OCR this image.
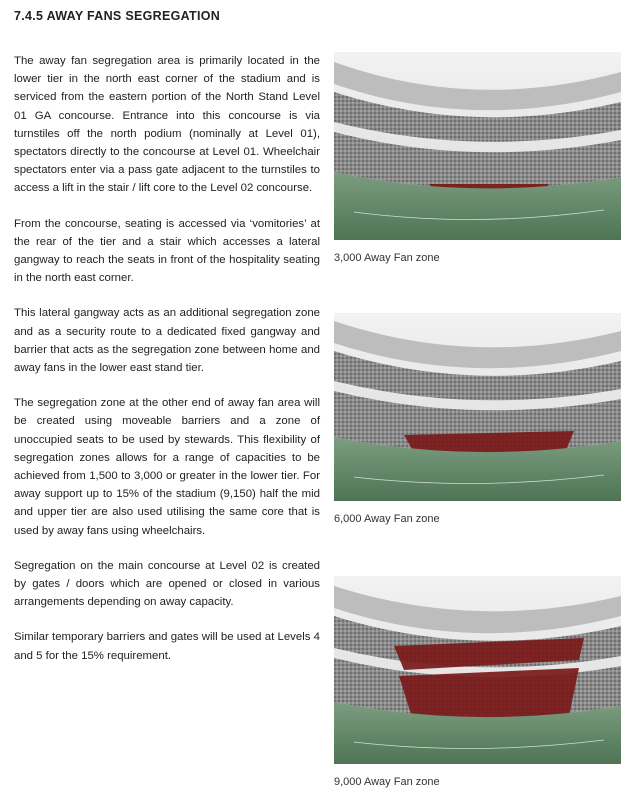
7.4.5 AWAY FANS SEGREGATION

The away fan segregation area is primarily located in the lower tier in the north east corner of the stadium and is serviced from the eastern portion of the North Stand Level 01 GA concourse. Entrance into this concourse is via turnstiles off the north podium (nominally at Level 01), spectators directly to the concourse at Level 01. Wheelchair spectators enter via a pass gate adjacent to the turnstiles to access a lift in the stair / lift core to the Level 02 concourse.

From the concourse, seating is accessed via ‘vomitories’ at the rear of the tier and a stair which accesses a lateral gangway to reach the seats in front of the hospitality seating in the north east corner.

This lateral gangway acts as an additional segregation zone and as a security route to a dedicated fixed gangway and barrier that acts as the segregation zone between home and away fans in the lower east stand tier.

The segregation zone at the other end of away fan area will be created using moveable barriers and a zone of unoccupied seats to be used by stewards. This flexibility of segregation zones allows for a range of capacities to be achieved from 1,500 to 3,000 or greater in the lower tier. For away support up to 15% of the stadium (9,150) half the mid and upper tier are also used utilising the same core that is used by away fans using wheelchairs.

Segregation on the main concourse at Level 02 is created by gates / doors which are opened or closed in various arrangements depending on away capacity.

Similar temporary barriers and gates will be used at Levels 4 and 5 for the 15% requirement.

3,000 Away Fan zone
6,000 Away Fan zone
9,000 Away Fan zone
